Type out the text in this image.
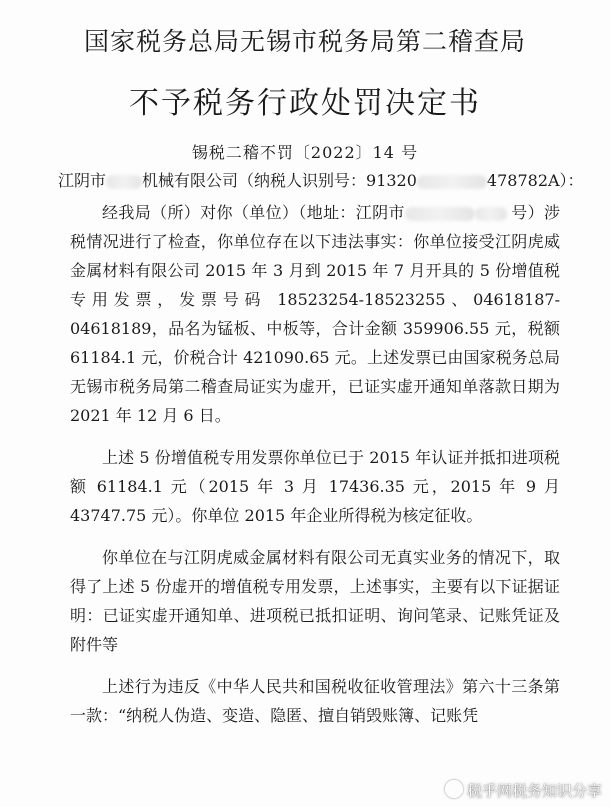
国家税务总局无锡市税务局第二稽查局
不予税务行政处罚决定书
锡税二稽不罚〔2022〕14 号
江阴市 机械有限公司（纳税人识别号：91320	478782A）：

经我局（所）对你（单位）（地址：江阴市	号）涉税情况进行了检查，你单位存在以下违法事实：你单位接受江阴虎威金属材料有限公司 2015 年 3 月到 2015 年 7 月开具的 5 份增值税专用发票，发票号码 18523254-18523255、04618187-04618189，品名为锰板、中板等，合计金额 359906.55 元，税额 61184.1 元，价税合计 421090.65 元。上述发票已由国家税务总局无锡市税务局第二稽查局证实为虚开，已证实虚开通知单落款日期为 2021 年 12 月 6 日。

上述 5 份增值税专用发票你单位已于 2015 年认证并抵扣进项税额 61184.1 元（2015 年 3 月 17436.35 元，2015 年 9 月 43747.75 元）。你单位 2015 年企业所得税为核定征收。

你单位在与江阴虎威金属材料有限公司无真实业务的情况下，取得了上述 5 份虚开的增值税专用发票，上述事实，主要有以下证据证明：已证实虚开通知单、进项税已抵扣证明、询问笔录、记账凭证及附件等

上述行为违反《中华人民共和国税收征收管理法》第六十三条第一款：“纳税人伪造、变造、隐匿、擅自销毁账簿、记账凭

税乎网税务知识分享
